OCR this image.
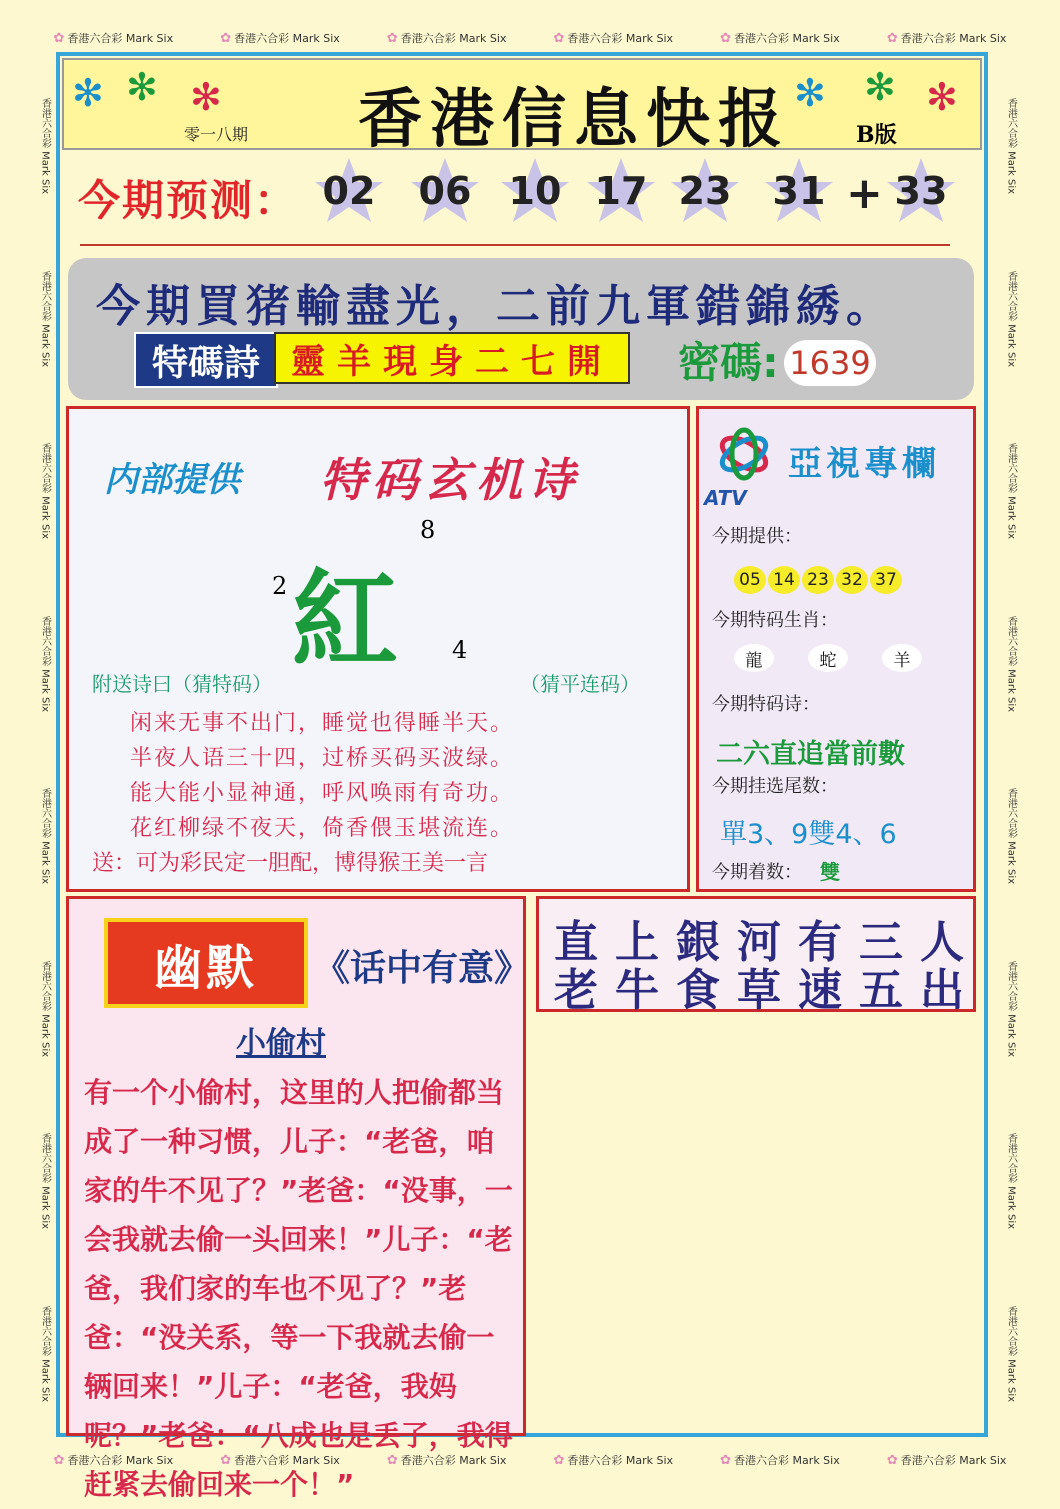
✿ 香港六合彩 Mark Six	✿ 香港六合彩 Mark Six	✿ 香港六合彩 Mark Six	✿ 香港六合彩 Mark Six	✿ 香港六合彩 Mark Six	✿ 香港六合彩 Mark Six
✿ 香港六合彩 Mark Six	✿ 香港六合彩 Mark Six	✿ 香港六合彩 Mark Six	✿ 香港六合彩 Mark Six	✿ 香港六合彩 Mark Six	✿ 香港六合彩 Mark Six
香港六合彩 Mark Six
香港六合彩 Mark Six
香港六合彩 Mark Six
香港六合彩 Mark Six
香港六合彩 Mark Six
香港六合彩 Mark Six
香港六合彩 Mark Six
香港六合彩 Mark Six
香港六合彩 Mark Six
香港六合彩 Mark Six
香港六合彩 Mark Six
香港六合彩 Mark Six
香港六合彩 Mark Six
香港六合彩 Mark Six
香港六合彩 Mark Six
香港六合彩 Mark Six
✻ ✻ ✻	✻ ✻ ✻
香港信息快报
零一八期	B版
今期预测： 02 06 10 17 23 31 33
+
今期買猪輸盡光，二前九軍錯錦綉。
特碼詩 靈羊現身二七開	密碼: 1639
内部提供 特码玄机诗
8
2 紅 4
附送诗曰（猜特码）	（猜平连码）
闲来无事不出门，睡觉也得睡半天。
半夜人语三十四，过桥买码买波绿。
能大能小显神通，呼风唤雨有奇功。
花红柳绿不夜天，倚香偎玉堪流连。
送：可为彩民定一胆配，博得猴王美一言
ATV
亞視專欄
今期提供：
05 14 23 32 37
今期特码生肖：
龍	蛇	羊
今期特码诗：
二六直追當前數
今期挂选尾数：
單3、9雙4、6
今期着数： 雙
幽默	《话中有意》
小偷村

有一个小偷村，这里的人把偷都当成了一种习惯，儿子：“老爸，咱家的牛不见了？”老爸：“没事，一会我就去偷一头回来！”儿子：“老爸，我们家的车也不见了？”老爸：“没关系，等一下我就去偷一辆回来！”儿子：“老爸，我妈呢？”老爸：“八成也是丢了，我得赶紧去偷回来一个！”

直 上 銀 河 有 三 人
老 牛 食 草 速 五 出
